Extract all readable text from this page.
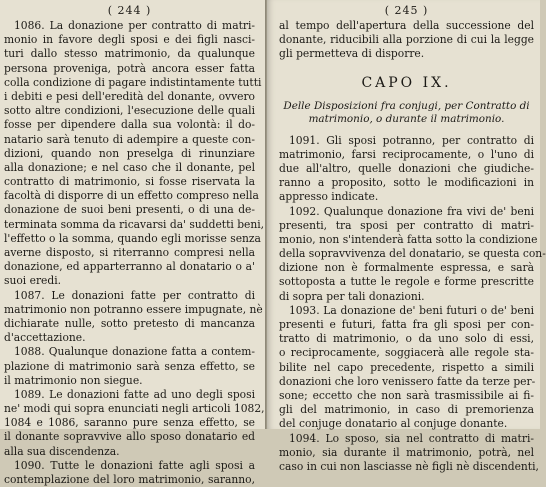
( 244 )
1086. La donazione per contratto di matri-
monio in favore degli sposi e dei figli nasci-
turi dallo stesso matrimonio, da qualunque
persona proveniga, potrà ancora esser fatta
colla condizione di pagare indistintamente tutti
i debiti e pesi dell'eredità del donante, ovvero
sotto altre condizioni, l'esecuzione delle quali
fosse per dipendere dalla sua volontà: il do-
natario sarà tenuto di adempire a queste con-
dizioni, quando non preselga di rinunziare
alla donazione; e nel caso che il donante, pel
contratto di matrimonio, si fosse riservata la
facoltà di disporre di un effetto compreso nella
donazione de suoi beni presenti, o di una de-
terminata somma da ricavarsi da' suddetti beni,
l'effetto o la somma, quando egli morisse senza
averne disposto, si riterranno compresi nella
donazione, ed apparterranno al donatario o a'
suoi eredi.
1087. Le donazioni fatte per contratto di
matrimonio non potranno essere impugnate, nè
dichiarate nulle, sotto pretesto di mancanza
d'accettazione.
1088. Qualunque donazione fatta a contem-
plazione di matrimonio sarà senza effetto, se
il matrimonio non siegue.
1089. Le donazioni fatte ad uno degli sposi
ne' modi qui sopra enunciati negli articoli 1082,
1084 e 1086, saranno pure senza effetto, se
il donante sopravvive allo sposo donatario ed
alla sua discendenza.
1090. Tutte le donazioni fatte agli sposi a
contemplazione del loro matrimonio, saranno,
( 245 )
al tempo dell'apertura della successione del
donante, riducibili alla porzione di cui la legge
gli permetteva di disporre.
CAPO IX.
Delle Disposizioni fra conjugi, per Contratto di
matrimonio, o durante il matrimonio.
1091. Gli sposi potranno, per contratto di
matrimonio, farsi reciprocamente, o l'uno di
due all'altro, quelle donazioni che giudiche-
ranno a proposito, sotto le modificazioni in
appresso indicate.
1092. Qualunque donazione fra vivi de' beni
presenti, tra sposi per contratto di matri-
monio, non s'intenderà fatta sotto la condizione
della sopravvivenza del donatario, se questa con-
dizione non è formalmente espressa, e sarà
sottoposta a tutte le regole e forme prescritte
di sopra per tali donazioni.
1093. La donazione de' beni futuri o de' beni
presenti e futuri, fatta fra gli sposi per con-
tratto di matrimonio, o da uno solo di essi,
o reciprocamente, soggiacerà alle regole sta-
bilite nel capo precedente, rispetto a simili
donazioni che loro venissero fatte da terze per-
sone; eccetto che non sarà trasmissibile ai fi-
gli del matrimonio, in caso di premorienza
del conjuge donatario al conjuge donante.
1094. Lo sposo, sia nel contratto di matri-
monio, sia durante il matrimonio, potrà, nel
caso in cui non lasciasse nè figli nè discendenti,
